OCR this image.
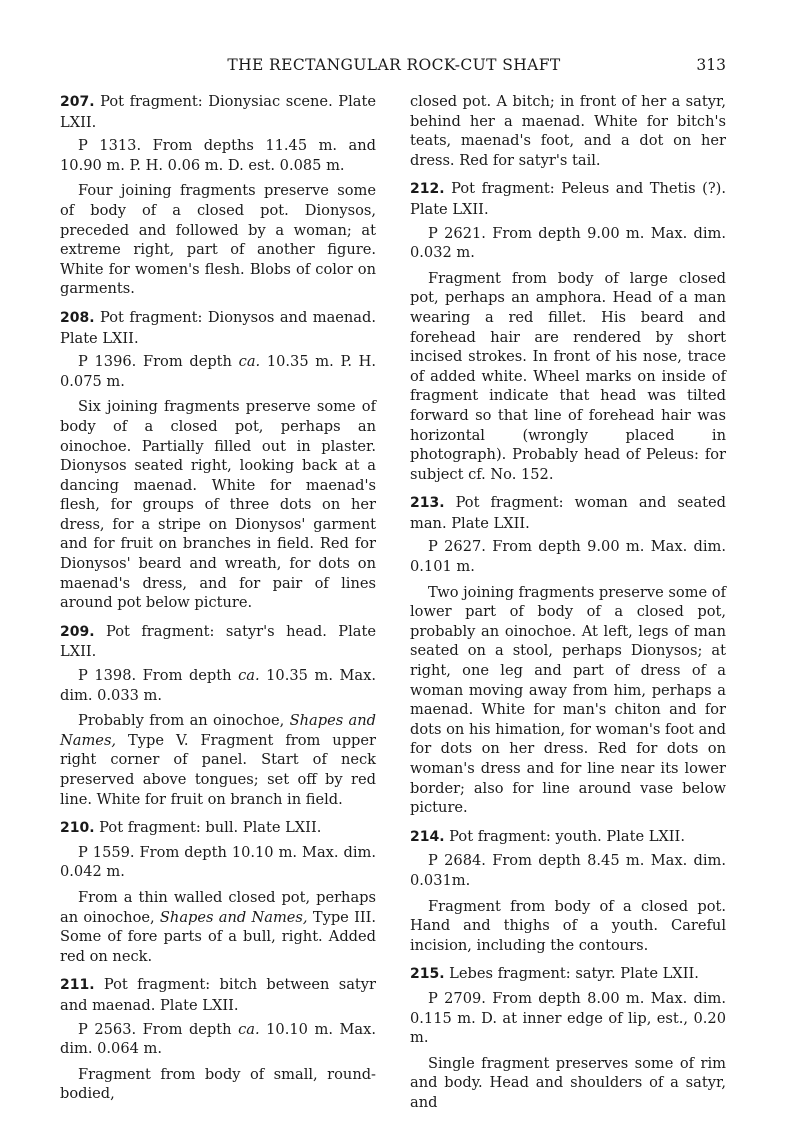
THE RECTANGULAR ROCK-CUT SHAFT	313

207. Pot fragment: Dionysiac scene. Plate LXII.

P 1313. From depths 11.45 m. and 10.90 m. P. H. 0.06 m. D. est. 0.085 m.

Four joining fragments preserve some of body of a closed pot. Dionysos, preceded and followed by a woman; at extreme right, part of another figure. White for women's flesh. Blobs of color on garments.

208. Pot fragment: Dionysos and maenad. Plate LXII.

P 1396. From depth ca. 10.35 m. P. H. 0.075 m.

Six joining fragments preserve some of body of a closed pot, perhaps an oinochoe. Partially filled out in plaster. Dionysos seated right, looking back at a dancing maenad. White for maenad's flesh, for groups of three dots on her dress, for a stripe on Dionysos' garment and for fruit on branches in field. Red for Dionysos' beard and wreath, for dots on maenad's dress, and for pair of lines around pot below picture.

209. Pot fragment: satyr's head. Plate LXII.

P 1398. From depth ca. 10.35 m. Max. dim. 0.033 m.

Probably from an oinochoe, Shapes and Names, Type V. Fragment from upper right corner of panel. Start of neck preserved above tongues; set off by red line. White for fruit on branch in field.

210. Pot fragment: bull. Plate LXII.

P 1559. From depth 10.10 m. Max. dim. 0.042 m.

From a thin walled closed pot, perhaps an oinochoe, Shapes and Names, Type III. Some of fore parts of a bull, right. Added red on neck.

211. Pot fragment: bitch between satyr and maenad. Plate LXII.

P 2563. From depth ca. 10.10 m. Max. dim. 0.064 m.

Fragment from body of small, round-bodied,

closed pot. A bitch; in front of her a satyr, behind her a maenad. White for bitch's teats, maenad's foot, and a dot on her dress. Red for satyr's tail.

212. Pot fragment: Peleus and Thetis (?). Plate LXII.

P 2621. From depth 9.00 m. Max. dim. 0.032 m.

Fragment from body of large closed pot, perhaps an amphora. Head of a man wearing a red fillet. His beard and forehead hair are rendered by short incised strokes. In front of his nose, trace of added white. Wheel marks on inside of fragment indicate that head was tilted forward so that line of forehead hair was horizontal (wrongly placed in photograph). Probably head of Peleus: for subject cf. No. 152.

213. Pot fragment: woman and seated man. Plate LXII.

P 2627. From depth 9.00 m. Max. dim. 0.101 m.

Two joining fragments preserve some of lower part of body of a closed pot, probably an oinochoe. At left, legs of man seated on a stool, perhaps Dionysos; at right, one leg and part of dress of a woman moving away from him, perhaps a maenad. White for man's chiton and for dots on his himation, for woman's foot and for dots on her dress. Red for dots on woman's dress and for line near its lower border; also for line around vase below picture.

214. Pot fragment: youth. Plate LXII.

P 2684. From depth 8.45 m. Max. dim. 0.031m.

Fragment from body of a closed pot. Hand and thighs of a youth. Careful incision, including the contours.

215. Lebes fragment: satyr. Plate LXII.

P 2709. From depth 8.00 m. Max. dim. 0.115 m. D. at inner edge of lip, est., 0.20 m.

Single fragment preserves some of rim and body. Head and shoulders of a satyr, and
